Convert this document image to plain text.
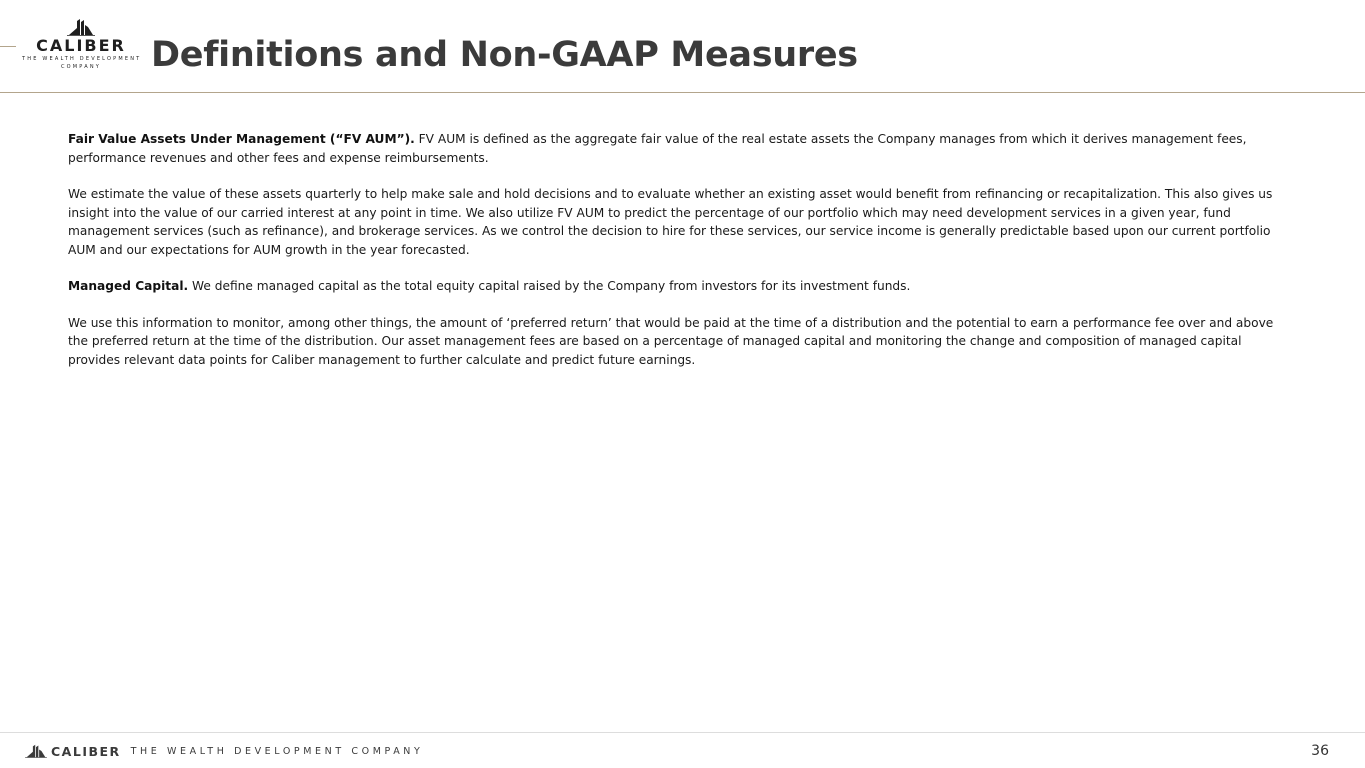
CALIBER
THE WEALTH DEVELOPMENT
COMPANY	Definitions and Non-GAAP Measures

Fair Value Assets Under Management (“FV AUM”). FV AUM is defined as the aggregate fair value of the real estate assets the Company manages from which it derives management fees, performance revenues and other fees and expense reimbursements.

We estimate the value of these assets quarterly to help make sale and hold decisions and to evaluate whether an existing asset would benefit from refinancing or recapitalization. This also gives us insight into the value of our carried interest at any point in time. We also utilize FV AUM to predict the percentage of our portfolio which may need development services in a given year, fund management services (such as refinance), and brokerage services. As we control the decision to hire for these services, our service income is generally predictable based upon our current portfolio AUM and our expectations for AUM growth in the year forecasted.

Managed Capital. We define managed capital as the total equity capital raised by the Company from investors for its investment funds.

We use this information to monitor, among other things, the amount of ‘preferred return’ that would be paid at the time of a distribution and the potential to earn a performance fee over and above the preferred return at the time of the distribution. Our asset management fees are based on a percentage of managed capital and monitoring the change and composition of managed capital provides relevant data points for Caliber management to further calculate and predict future earnings.

CALIBER THE WEALTH DEVELOPMENT COMPANY	36
